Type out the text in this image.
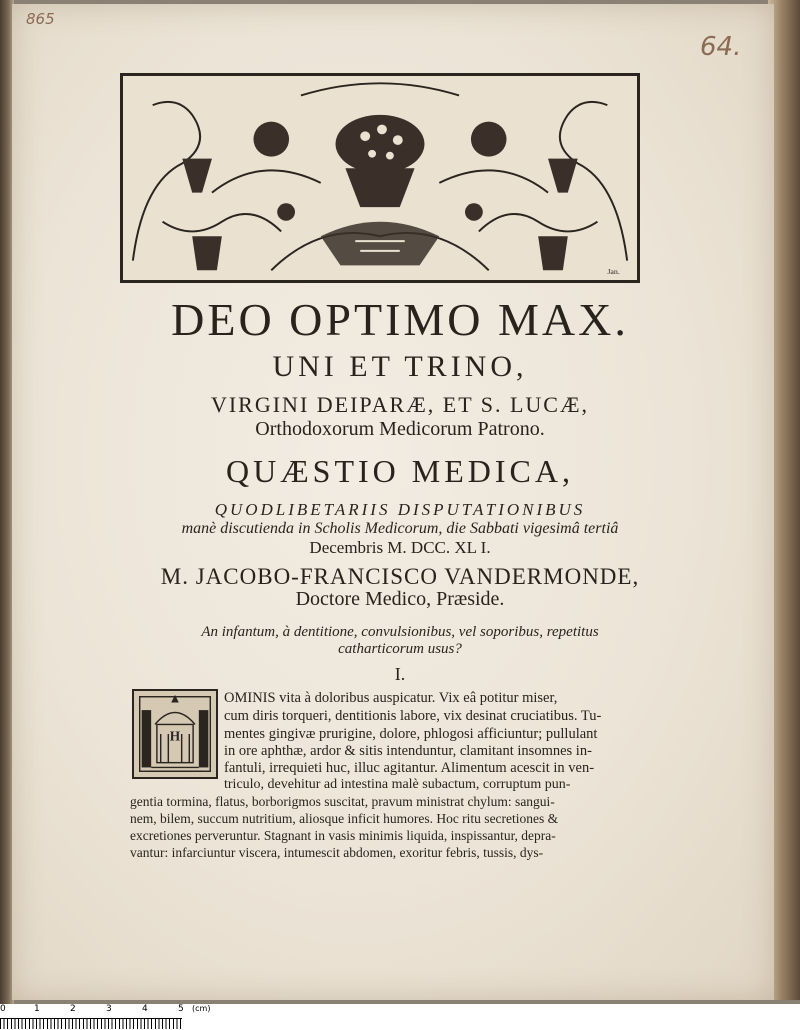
865
64.
Jan.
DEO OPTIMO MAX.
UNI ET TRINO,
VIRGINI DEIPARÆ, ET S. LUCÆ,
Orthodoxorum Medicorum Patrono.
QUÆSTIO MEDICA,
QUODLIBETARIIS DISPUTATIONIBUS
manè discutienda in Scholis Medicorum, die Sabbati vigesimâ tertiâ
Decembris M. DCC. XL I.
M. JACOBO-FRANCISCO VANDERMONDE,
Doctore Medico, Præside.
An infantum, à dentitione, convulsionibus, vel soporibus, repetitus
catharticorum usus?
I.
H
OMINIS vita à doloribus auspicatur. Vix eâ potitur miser,
cum diris torqueri, dentitionis labore, vix desinat cruciatibus. Tu-
mentes gingivæ prurigine, dolore, phlogosi afficiuntur; pullulant
in ore aphthæ, ardor & sitis intenduntur, clamitant insomnes in-
fantuli, irrequieti huc, illuc agitantur. Alimentum acescit in ven-
triculo, devehitur ad intestina malè subactum, corruptum pun-
gentia tormina, flatus, borborigmos suscitat, pravum ministrat chylum: sangui-
nem, bilem, succum nutritium, aliosque inficit humores. Hoc ritu secretiones &
excretiones perveruntur. Stagnant in vasis minimis liquida, inspissantur, depra-
vantur: infarciuntur viscera, intumescit abdomen, exoritur febris, tussis, dys-
0	1	2	3	4	5 (cm)
